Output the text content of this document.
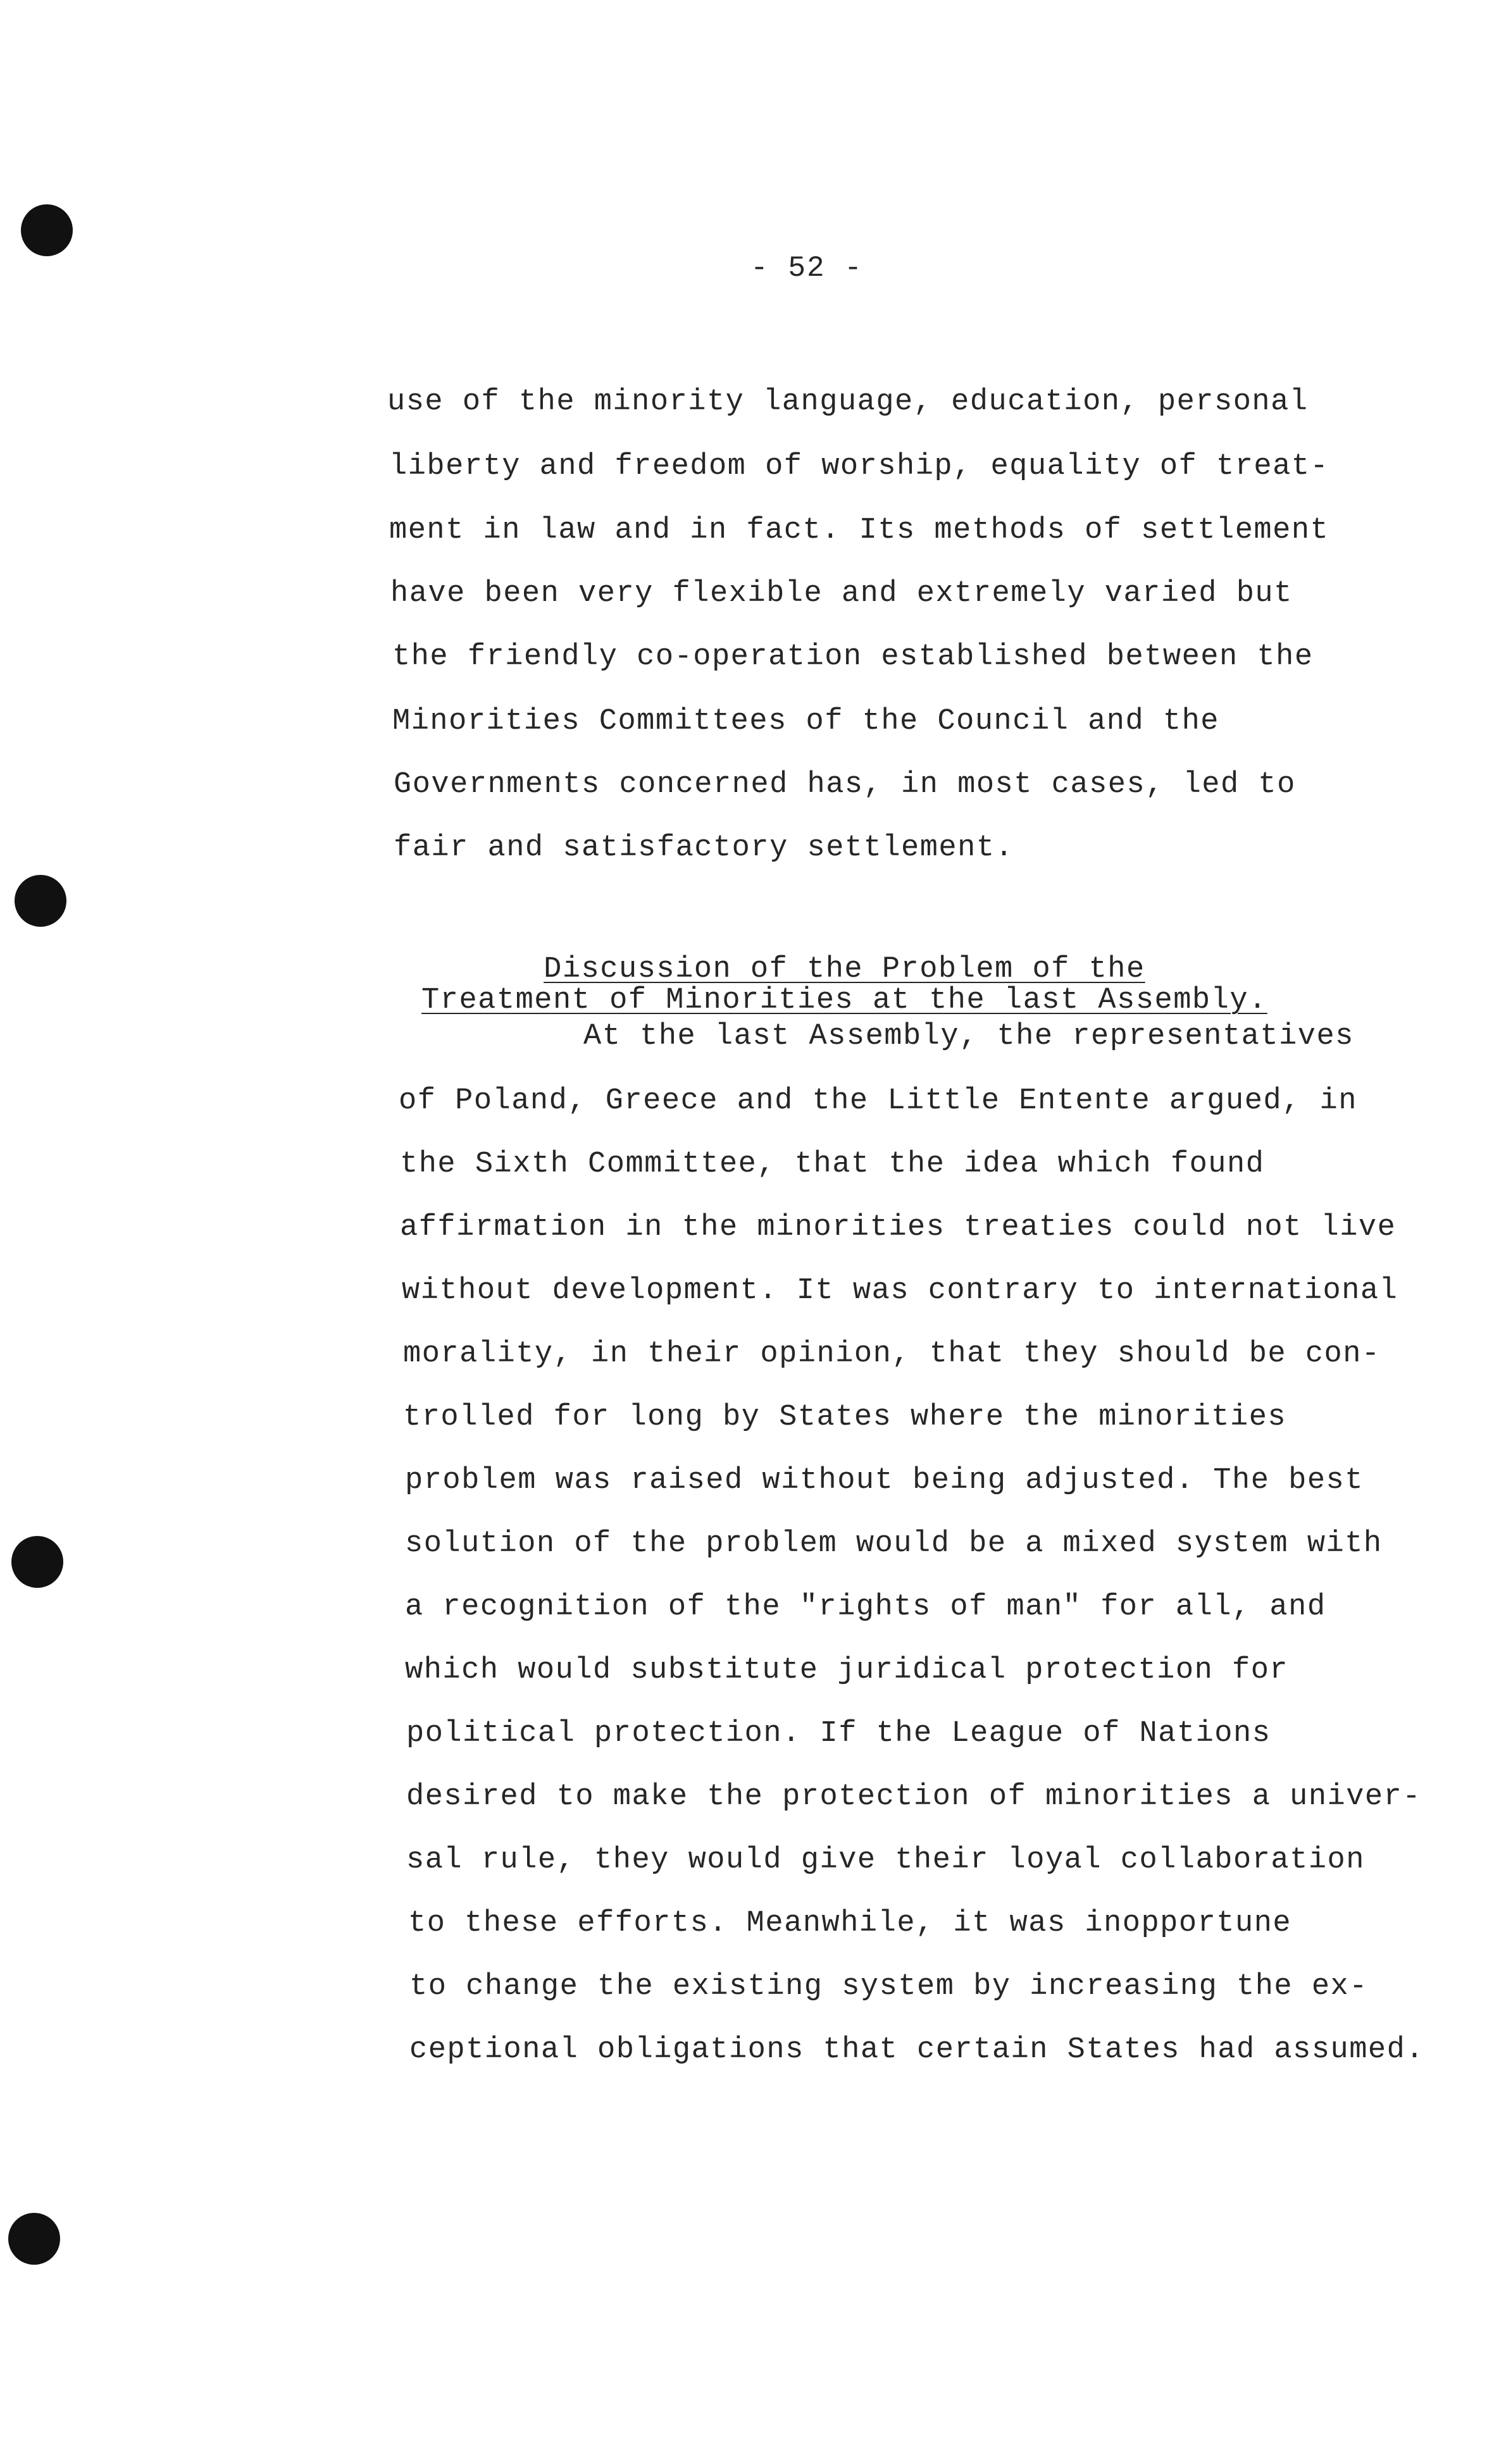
- 52 -
use of the minority language, education, personal
liberty and freedom of worship, equality of treat-
ment in law and in fact. Its methods of settlement
have been very flexible and extremely varied but
the friendly co-operation established between the
Minorities Committees of the Council and the
Governments concerned has, in most cases, led to
fair and satisfactory settlement.

Discussion of the Problem of the

Treatment of Minorities at the last Assembly.

At the last Assembly, the representatives
of Poland, Greece and the Little Entente argued, in
the Sixth Committee, that the idea which found
affirmation in the minorities treaties could not live
without development. It was contrary to international
morality, in their opinion, that they should be con-
trolled for long by States where the minorities
problem was raised without being adjusted. The best
solution of the problem would be a mixed system with
a recognition of the "rights of man" for all, and
which would substitute juridical protection for
political protection. If the League of Nations
desired to make the protection of minorities a univer-
sal rule, they would give their loyal collaboration
to these efforts. Meanwhile, it was inopportune
to change the existing system by increasing the ex-
ceptional obligations that certain States had assumed.
